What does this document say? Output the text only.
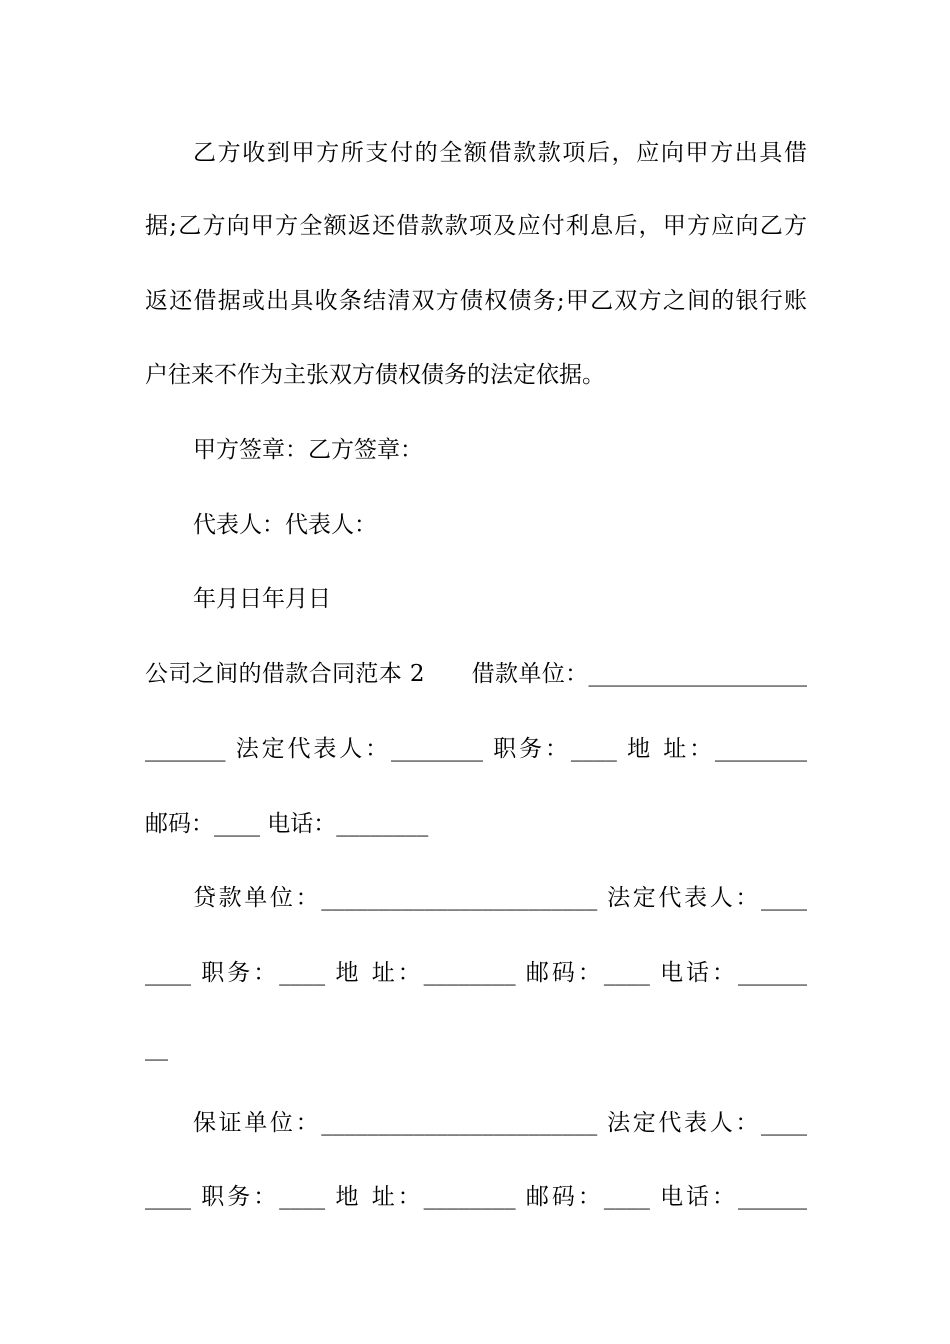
乙方收到甲方所支付的全额借款款项后，应向甲方出具借
据;乙方向甲方全额返还借款款项及应付利息后，甲方应向乙方
返还借据或出具收条结清双方债权债务;甲乙双方之间的银行账
户往来不作为主张双方债权债务的法定依据。
甲方签章：乙方签章：
代表人：代表人：
年月日年月日
公司之间的借款合同范本 2　　借款单位：___________________
_______ 法定代表人：________ 职务：____ 地 址：________
邮码：____ 电话：________
贷款单位：________________________ 法定代表人：____
____ 职务：____ 地 址：________ 邮码：____ 电话：______
__
保证单位：________________________ 法定代表人：____
____ 职务：____ 地 址：________ 邮码：____ 电话：______
